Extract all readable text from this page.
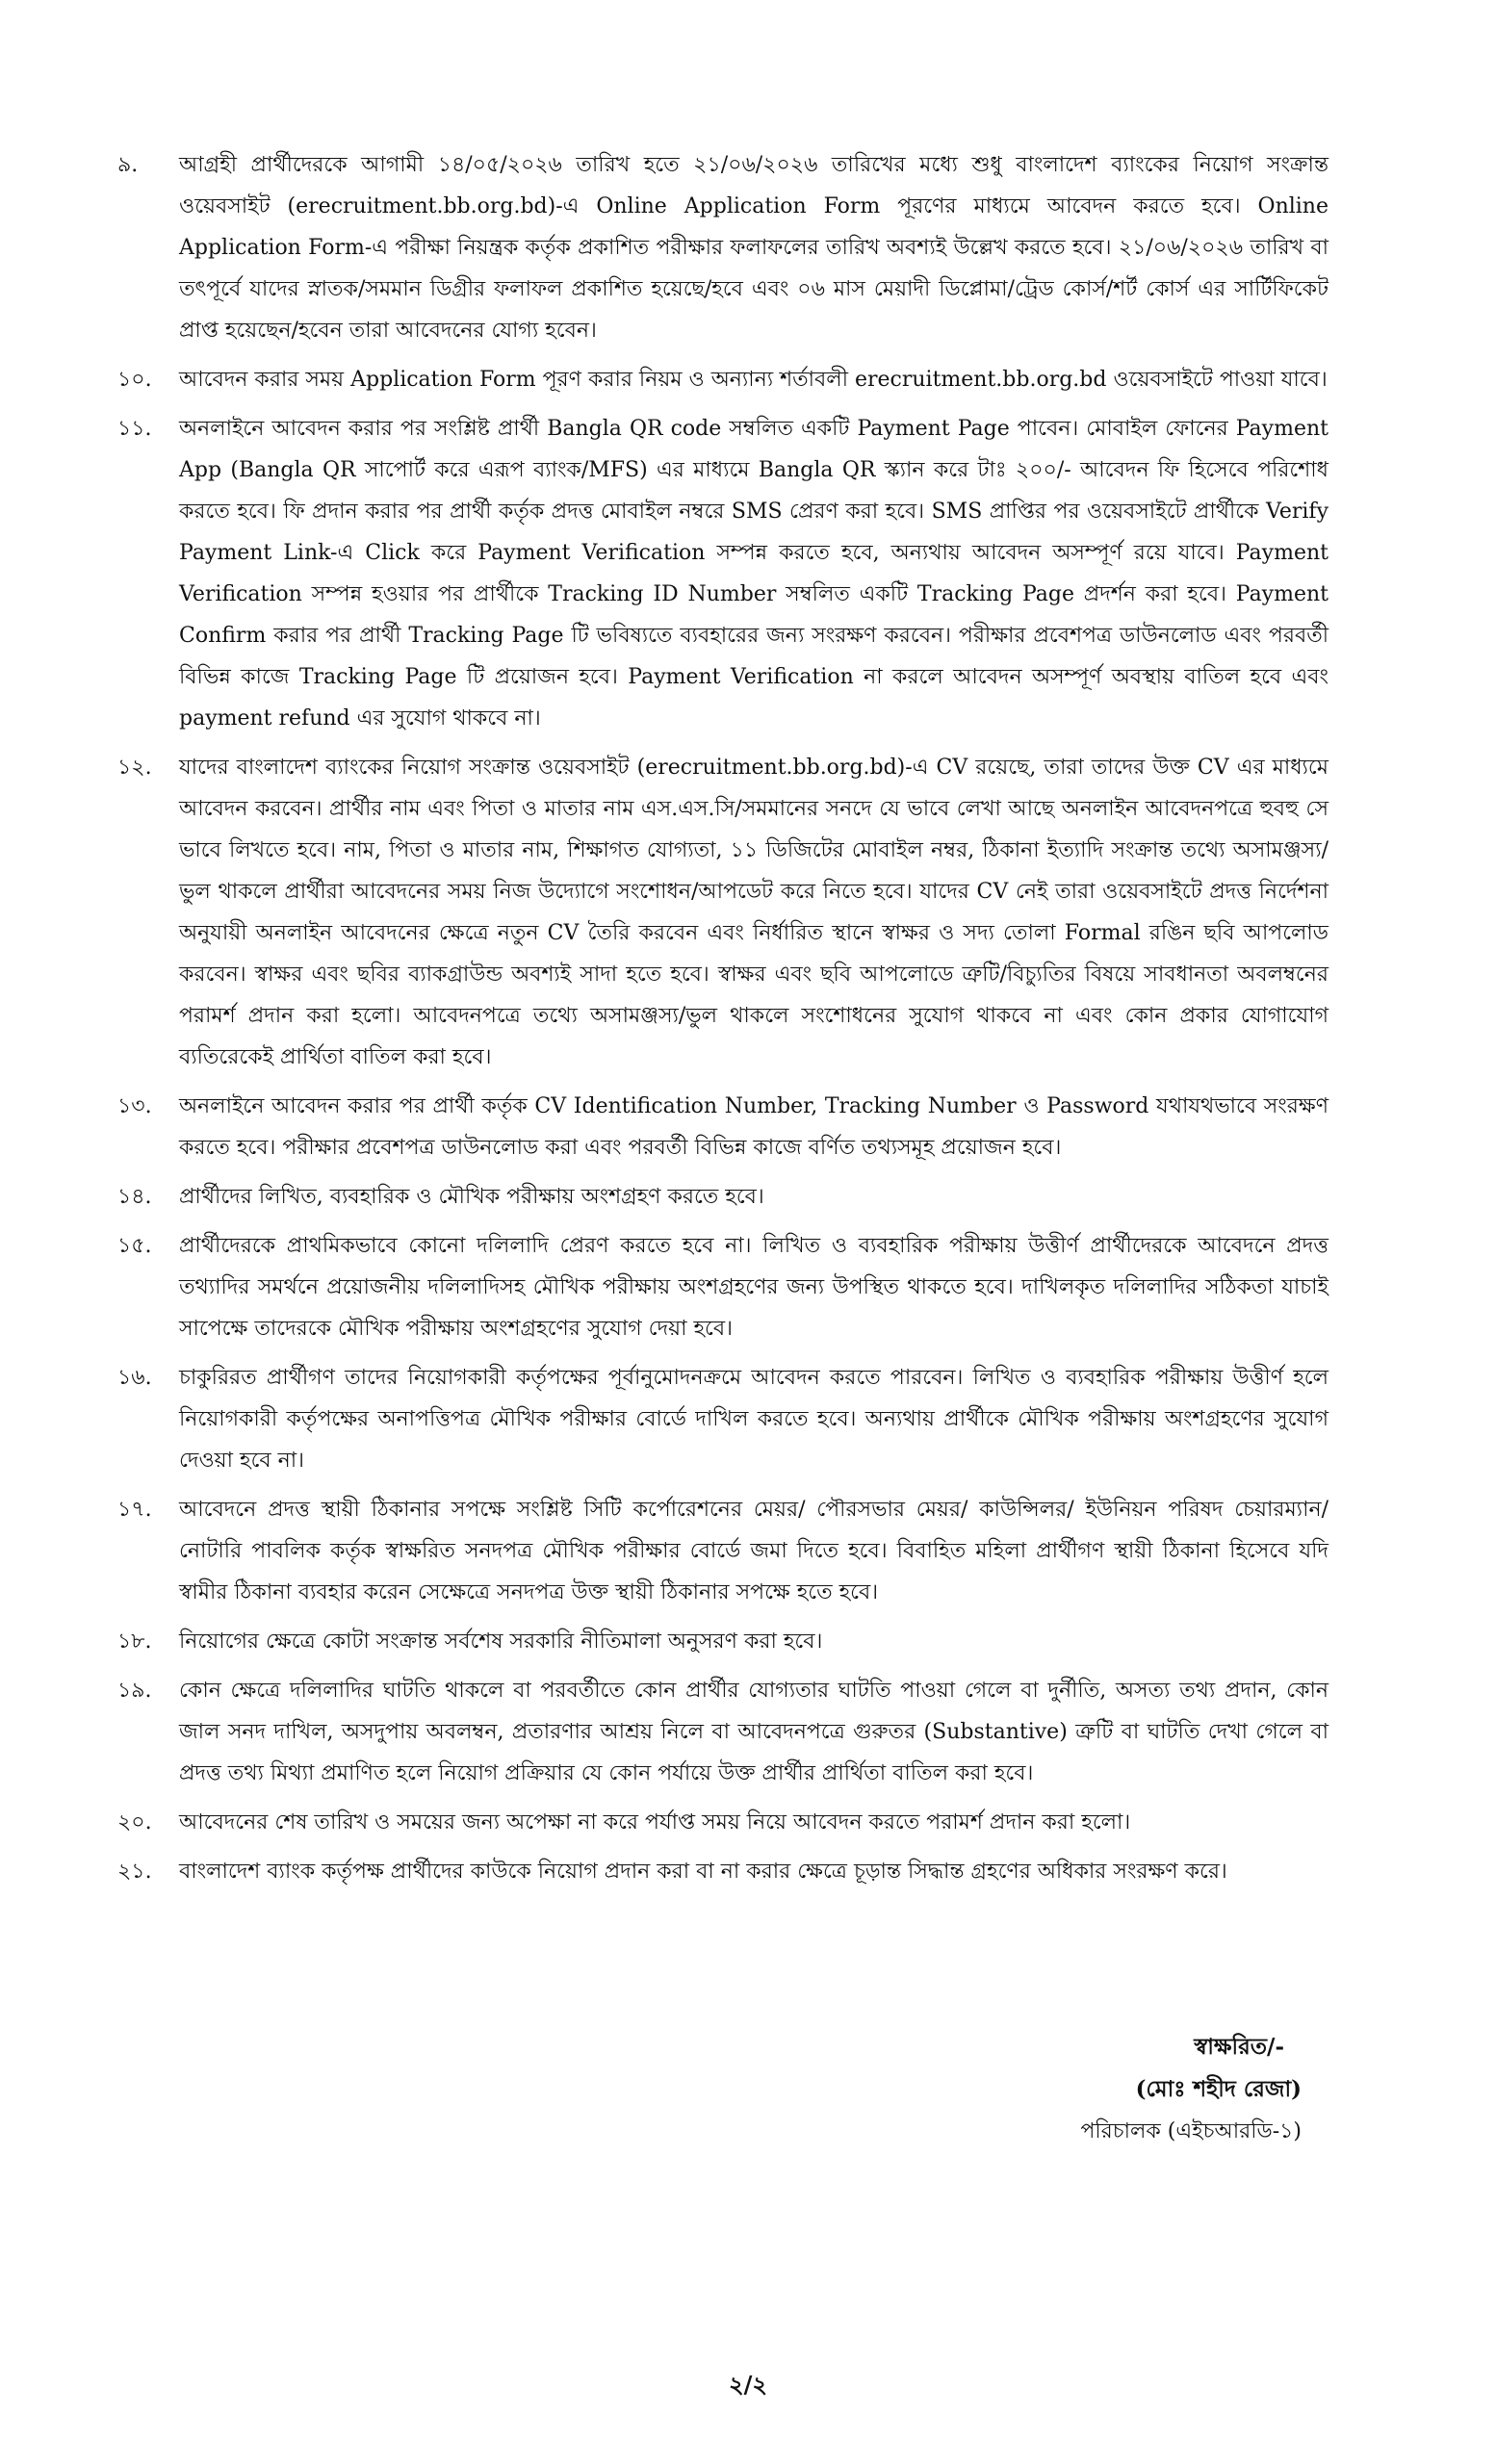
৯.	আগ্রহী প্রার্থীদেরকে আগামী ১৪/০৫/২০২৬ তারিখ হতে ২১/০৬/২০২৬ তারিখের মধ্যে শুধু বাংলাদেশ ব্যাংকের নিয়োগ সংক্রান্ত ওয়েবসাইট (erecruitment.bb.org.bd)-এ Online Application Form পূরণের মাধ্যমে আবেদন করতে হবে। Online Application Form-এ পরীক্ষা নিয়ন্ত্রক কর্তৃক প্রকাশিত পরীক্ষার ফলাফলের তারিখ অবশ্যই উল্লেখ করতে হবে। ২১/০৬/২০২৬ তারিখ বা তৎপূর্বে যাদের স্নাতক/সমমান ডিগ্রীর ফলাফল প্রকাশিত হয়েছে/হবে এবং ০৬ মাস মেয়াদী ডিপ্লোমা/ট্রেড কোর্স/শর্ট কোর্স এর সার্টিফিকেট প্রাপ্ত হয়েছেন/হবেন তারা আবেদনের যোগ্য হবেন।
১০.	আবেদন করার সময় Application Form পূরণ করার নিয়ম ও অন্যান্য শর্তাবলী erecruitment.bb.org.bd ওয়েবসাইটে পাওয়া যাবে।
১১.	অনলাইনে আবেদন করার পর সংশ্লিষ্ট প্রার্থী Bangla QR code সম্বলিত একটি Payment Page পাবেন। মোবাইল ফোনের Payment App (Bangla QR সাপোর্ট করে এরূপ ব্যাংক/MFS) এর মাধ্যমে Bangla QR স্ক্যান করে টাঃ ২০০/- আবেদন ফি হিসেবে পরিশোধ করতে হবে। ফি প্রদান করার পর প্রার্থী কর্তৃক প্রদত্ত মোবাইল নম্বরে SMS প্রেরণ করা হবে। SMS প্রাপ্তির পর ওয়েবসাইটে প্রার্থীকে Verify Payment Link-এ Click করে Payment Verification সম্পন্ন করতে হবে, অন্যথায় আবেদন অসম্পূর্ণ রয়ে যাবে। Payment Verification সম্পন্ন হওয়ার পর প্রার্থীকে Tracking ID Number সম্বলিত একটি Tracking Page প্রদর্শন করা হবে। Payment Confirm করার পর প্রার্থী Tracking Page টি ভবিষ্যতে ব্যবহারের জন্য সংরক্ষণ করবেন। পরীক্ষার প্রবেশপত্র ডাউনলোড এবং পরবর্তী বিভিন্ন কাজে Tracking Page টি প্রয়োজন হবে। Payment Verification না করলে আবেদন অসম্পূর্ণ অবস্থায় বাতিল হবে এবং payment refund এর সুযোগ থাকবে না।
১২.	যাদের বাংলাদেশ ব্যাংকের নিয়োগ সংক্রান্ত ওয়েবসাইট (erecruitment.bb.org.bd)-এ CV রয়েছে, তারা তাদের উক্ত CV এর মাধ্যমে আবেদন করবেন। প্রার্থীর নাম এবং পিতা ও মাতার নাম এস.এস.সি/সমমানের সনদে যে ভাবে লেখা আছে অনলাইন আবেদনপত্রে হুবহু সে ভাবে লিখতে হবে। নাম, পিতা ও মাতার নাম, শিক্ষাগত যোগ্যতা, ১১ ডিজিটের মোবাইল নম্বর, ঠিকানা ইত্যাদি সংক্রান্ত তথ্যে অসামঞ্জস্য/ভুল থাকলে প্রার্থীরা আবেদনের সময় নিজ উদ্যোগে সংশোধন/আপডেট করে নিতে হবে। যাদের CV নেই তারা ওয়েবসাইটে প্রদত্ত নির্দেশনা অনুযায়ী অনলাইন আবেদনের ক্ষেত্রে নতুন CV তৈরি করবেন এবং নির্ধারিত স্থানে স্বাক্ষর ও সদ্য তোলা Formal রঙিন ছবি আপলোড করবেন। স্বাক্ষর এবং ছবির ব্যাকগ্রাউন্ড অবশ্যই সাদা হতে হবে। স্বাক্ষর এবং ছবি আপলোডে ত্রুটি/বিচ্যুতির বিষয়ে সাবধানতা অবলম্বনের পরামর্শ প্রদান করা হলো। আবেদনপত্রে তথ্যে অসামঞ্জস্য/ভুল থাকলে সংশোধনের সুযোগ থাকবে না এবং কোন প্রকার যোগাযোগ ব্যতিরেকেই প্রার্থিতা বাতিল করা হবে।
১৩.	অনলাইনে আবেদন করার পর প্রার্থী কর্তৃক CV Identification Number, Tracking Number ও Password যথাযথভাবে সংরক্ষণ করতে হবে। পরীক্ষার প্রবেশপত্র ডাউনলোড করা এবং পরবর্তী বিভিন্ন কাজে বর্ণিত তথ্যসমূহ প্রয়োজন হবে।
১৪.	প্রার্থীদের লিখিত, ব্যবহারিক ও মৌখিক পরীক্ষায় অংশগ্রহণ করতে হবে।
১৫.	প্রার্থীদেরকে প্রাথমিকভাবে কোনো দলিলাদি প্রেরণ করতে হবে না। লিখিত ও ব্যবহারিক পরীক্ষায় উত্তীর্ণ প্রার্থীদেরকে আবেদনে প্রদত্ত তথ্যাদির সমর্থনে প্রয়োজনীয় দলিলাদিসহ মৌখিক পরীক্ষায় অংশগ্রহণের জন্য উপস্থিত থাকতে হবে। দাখিলকৃত দলিলাদির সঠিকতা যাচাই সাপেক্ষে তাদেরকে মৌখিক পরীক্ষায় অংশগ্রহণের সুযোগ দেয়া হবে।
১৬.	চাকুরিরত প্রার্থীগণ তাদের নিয়োগকারী কর্তৃপক্ষের পূর্বানুমোদনক্রমে আবেদন করতে পারবেন। লিখিত ও ব্যবহারিক পরীক্ষায় উত্তীর্ণ হলে নিয়োগকারী কর্তৃপক্ষের অনাপত্তিপত্র মৌখিক পরীক্ষার বোর্ডে দাখিল করতে হবে। অন্যথায় প্রার্থীকে মৌখিক পরীক্ষায় অংশগ্রহণের সুযোগ দেওয়া হবে না।
১৭.	আবেদনে প্রদত্ত স্থায়ী ঠিকানার সপক্ষে সংশ্লিষ্ট সিটি কর্পোরেশনের মেয়র/ পৌরসভার মেয়র/ কাউন্সিলর/ ইউনিয়ন পরিষদ চেয়ারম্যান/ নোটারি পাবলিক কর্তৃক স্বাক্ষরিত সনদপত্র মৌখিক পরীক্ষার বোর্ডে জমা দিতে হবে। বিবাহিত মহিলা প্রার্থীগণ স্থায়ী ঠিকানা হিসেবে যদি স্বামীর ঠিকানা ব্যবহার করেন সেক্ষেত্রে সনদপত্র উক্ত স্থায়ী ঠিকানার সপক্ষে হতে হবে।
১৮.	নিয়োগের ক্ষেত্রে কোটা সংক্রান্ত সর্বশেষ সরকারি নীতিমালা অনুসরণ করা হবে।
১৯.	কোন ক্ষেত্রে দলিলাদির ঘাটতি থাকলে বা পরবর্তীতে কোন প্রার্থীর যোগ্যতার ঘাটতি পাওয়া গেলে বা দুর্নীতি, অসত্য তথ্য প্রদান, কোন জাল সনদ দাখিল, অসদুপায় অবলম্বন, প্রতারণার আশ্রয় নিলে বা আবেদনপত্রে গুরুতর (Substantive) ত্রুটি বা ঘাটতি দেখা গেলে বা প্রদত্ত তথ্য মিথ্যা প্রমাণিত হলে নিয়োগ প্রক্রিয়ার যে কোন পর্যায়ে উক্ত প্রার্থীর প্রার্থিতা বাতিল করা হবে।
২০.	আবেদনের শেষ তারিখ ও সময়ের জন্য অপেক্ষা না করে পর্যাপ্ত সময় নিয়ে আবেদন করতে পরামর্শ প্রদান করা হলো।
২১.	বাংলাদেশ ব্যাংক কর্তৃপক্ষ প্রার্থীদের কাউকে নিয়োগ প্রদান করা বা না করার ক্ষেত্রে চূড়ান্ত সিদ্ধান্ত গ্রহণের অধিকার সংরক্ষণ করে।
স্বাক্ষরিত/-
(মোঃ শহীদ রেজা)
পরিচালক (এইচআরডি-১)
২/২
